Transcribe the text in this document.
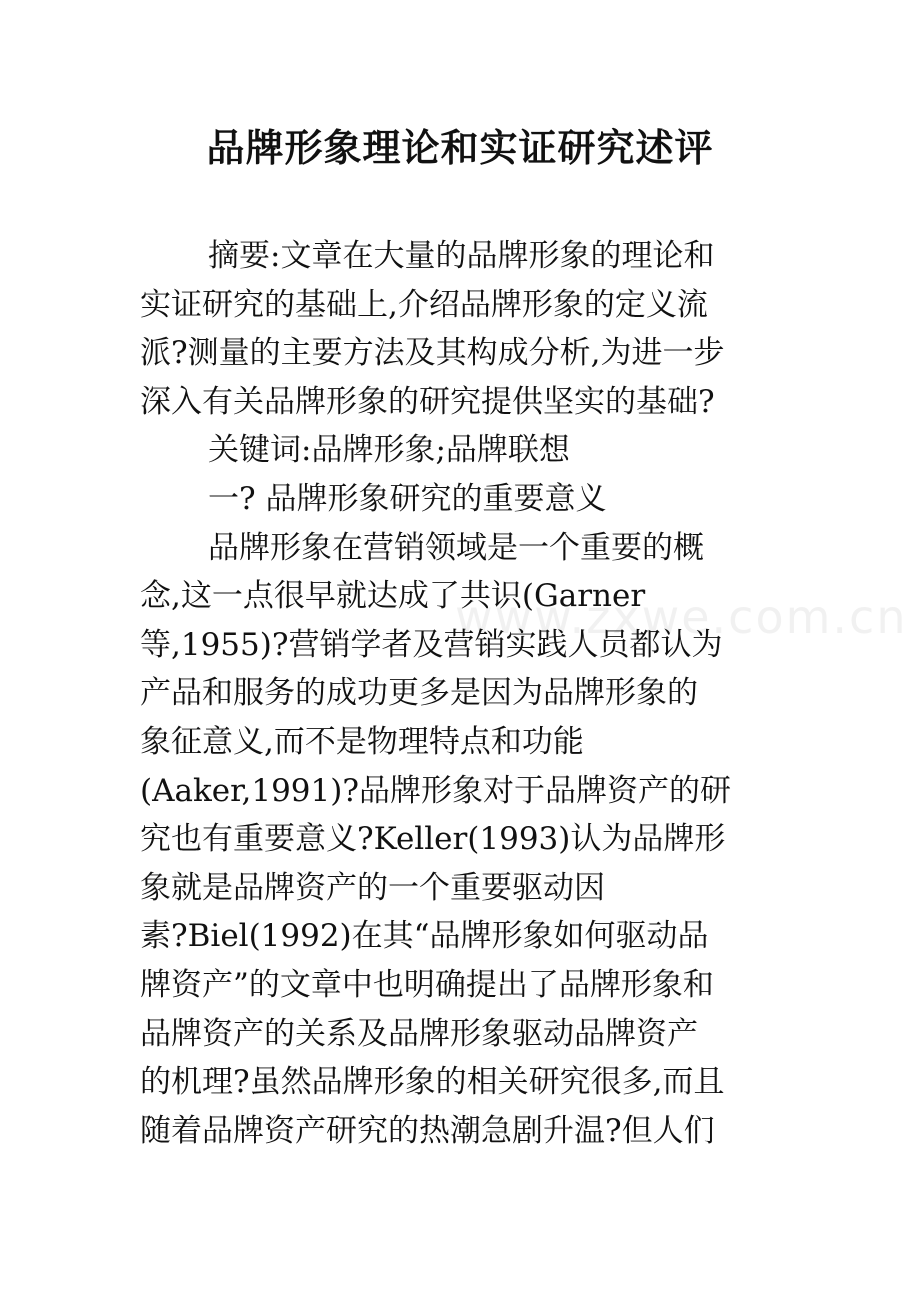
品牌形象理论和实证研究述评
www.zxwe.com.cn
摘要:文章在大量的品牌形象的理论和
实证研究的基础上,介绍品牌形象的定义流
派?测量的主要方法及其构成分析,为进一步
深入有关品牌形象的研究提供坚实的基础?
关键词:品牌形象;品牌联想
一? 品牌形象研究的重要意义
品牌形象在营销领域是一个重要的概
念,这一点很早就达成了共识(Garner
等,1955)?营销学者及营销实践人员都认为
产品和服务的成功更多是因为品牌形象的
象征意义,而不是物理特点和功能
(Aaker,1991)?品牌形象对于品牌资产的研
究也有重要意义?Keller(1993)认为品牌形
象就是品牌资产的一个重要驱动因
素?Biel(1992)在其“品牌形象如何驱动品
牌资产”的文章中也明确提出了品牌形象和
品牌资产的关系及品牌形象驱动品牌资产
的机理?虽然品牌形象的相关研究很多,而且
随着品牌资产研究的热潮急剧升温?但人们
